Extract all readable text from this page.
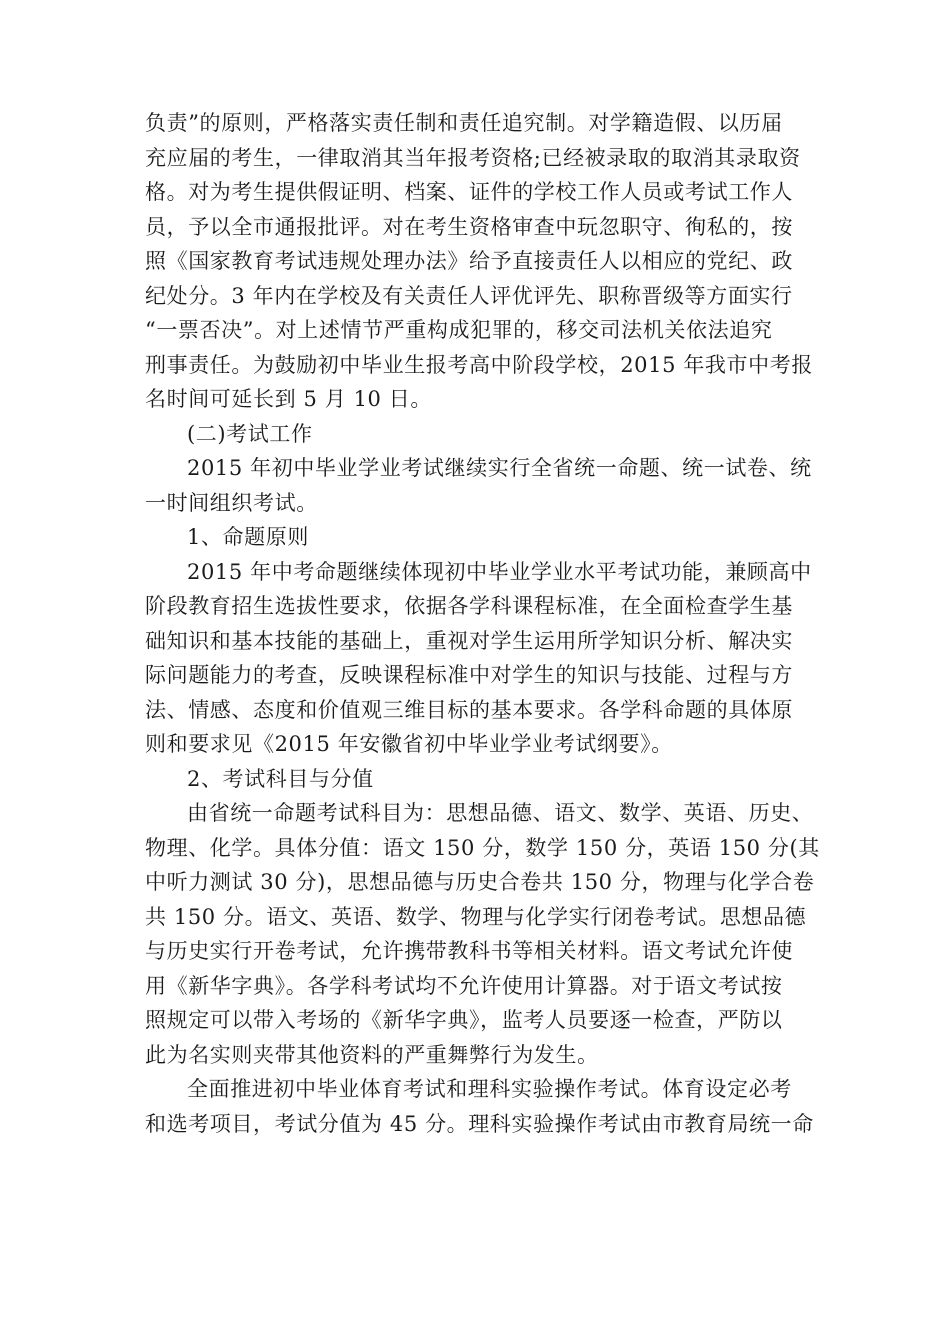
负责”的原则，严格落实责任制和责任追究制。对学籍造假、以历届
充应届的考生，一律取消其当年报考资格;已经被录取的取消其录取资
格。对为考生提供假证明、档案、证件的学校工作人员或考试工作人
员，予以全市通报批评。对在考生资格审查中玩忽职守、徇私的，按
照《国家教育考试违规处理办法》给予直接责任人以相应的党纪、政
纪处分。3 年内在学校及有关责任人评优评先、职称晋级等方面实行
“一票否决”。对上述情节严重构成犯罪的，移交司法机关依法追究
刑事责任。为鼓励初中毕业生报考高中阶段学校，2015 年我市中考报
名时间可延长到 5 月 10 日。
(二)考试工作
2015 年初中毕业学业考试继续实行全省统一命题、统一试卷、统
一时间组织考试。
1、命题原则
2015 年中考命题继续体现初中毕业学业水平考试功能，兼顾高中
阶段教育招生选拔性要求，依据各学科课程标准，在全面检查学生基
础知识和基本技能的基础上，重视对学生运用所学知识分析、解决实
际问题能力的考查，反映课程标准中对学生的知识与技能、过程与方
法、情感、态度和价值观三维目标的基本要求。各学科命题的具体原
则和要求见《2015 年安徽省初中毕业学业考试纲要》。
2、考试科目与分值
由省统一命题考试科目为：思想品德、语文、数学、英语、历史、
物理、化学。具体分值：语文 150 分，数学 150 分，英语 150 分(其
中听力测试 30 分)，思想品德与历史合卷共 150 分，物理与化学合卷
共 150 分。语文、英语、数学、物理与化学实行闭卷考试。思想品德
与历史实行开卷考试，允许携带教科书等相关材料。语文考试允许使
用《新华字典》。各学科考试均不允许使用计算器。对于语文考试按
照规定可以带入考场的《新华字典》，监考人员要逐一检查，严防以
此为名实则夹带其他资料的严重舞弊行为发生。
全面推进初中毕业体育考试和理科实验操作考试。体育设定必考
和选考项目，考试分值为 45 分。理科实验操作考试由市教育局统一命
